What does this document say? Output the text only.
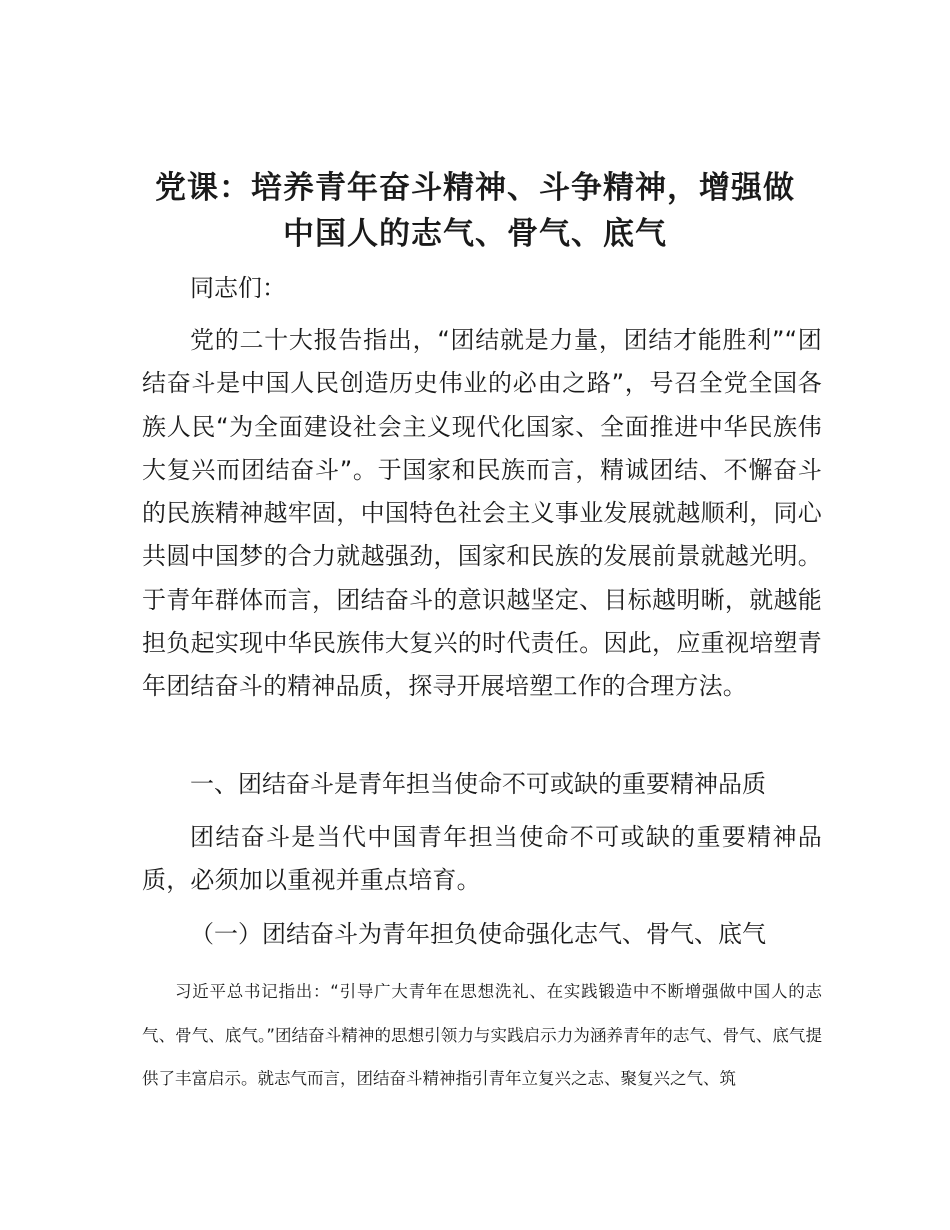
党课：培养青年奋斗精神、斗争精神，增强做
中国人的志气、骨气、底气
同志们：
党的二十大报告指出，“团结就是力量，团结才能胜利”“团结奋斗是中国人民创造历史伟业的必由之路”，号召全党全国各族人民“为全面建设社会主义现代化国家、全面推进中华民族伟大复兴而团结奋斗”。于国家和民族而言，精诚团结、不懈奋斗的民族精神越牢固，中国特色社会主义事业发展就越顺利，同心共圆中国梦的合力就越强劲，国家和民族的发展前景就越光明。于青年群体而言，团结奋斗的意识越坚定、目标越明晰，就越能担负起实现中华民族伟大复兴的时代责任。因此，应重视培塑青年团结奋斗的精神品质，探寻开展培塑工作的合理方法。
一、团结奋斗是青年担当使命不可或缺的重要精神品质
团结奋斗是当代中国青年担当使命不可或缺的重要精神品质，必须加以重视并重点培育。
（一）团结奋斗为青年担负使命强化志气、骨气、底气
习近平总书记指出：“引导广大青年在思想洗礼、在实践锻造中不断增强做中国人的志气、骨气、底气。”团结奋斗精神的思想引领力与实践启示力为涵养青年的志气、骨气、底气提供了丰富启示。就志气而言，团结奋斗精神指引青年立复兴之志、聚复兴之气、筑
